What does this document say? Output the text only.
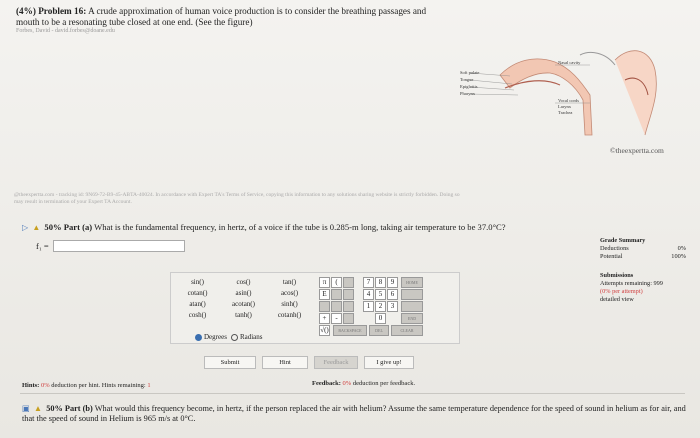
(4%) Problem 16: A crude approximation of human voice production is to consider the breathing passages and mouth to be a resonating tube closed at one end. (See the figure)
Forbes, David - david.forbes@doane.edu
Soft palate
Tongue
Epiglottis
Pharynx
Nasal cavity
Vocal cords
Larynx
Trachea
©theexpertta.com
@theexpertta.com - tracking id: 9N69-72-B9-45-ABTA-40024. In accordance with Expert TA's Terms of Service, copying this information to any solutions sharing website is strictly forbidden. Doing so may result in termination of your Expert TA Account.
▷ ▲ 50% Part (a) What is the fundamental frequency, in hertz, of a voice if the tube is 0.285-m long, taking air temperature to be 37.0°C?
f₁ =
Grade Summary
Deductions	0%
Potential	100%
Submissions
Attempts remaining: 999
(0% per attempt)
detailed view
sin()	cos()	tan()
cotan()	asin()	acos()
atan()	acotan()	sinh()
cosh()	tanh()	cotanh()
Degrees	Radians
π	(	7	8	9	HOME
E	4	5	6
1	2	3
+	-	0	END
√()	BACKSPACE	DEL	CLEAR
Submit	Hint	Feedback	I give up!
Hints: 0% deduction per hint. Hints remaining: 1	Feedback: 0% deduction per feedback.
▣ ▲ 50% Part (b) What would this frequency become, in hertz, if the person replaced the air with helium? Assume the same temperature dependence for the speed of sound in helium as for air, and that the speed of sound in Helium is 965 m/s at 0°C.
